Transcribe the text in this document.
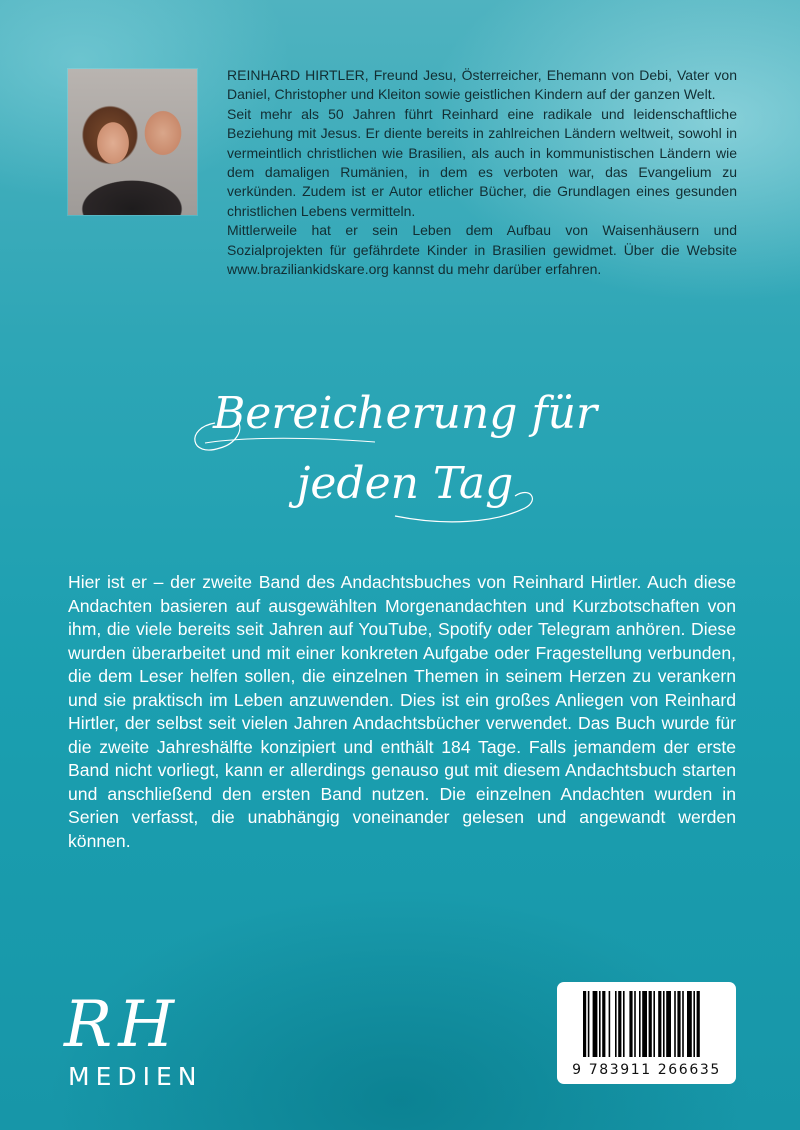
REINHARD HIRTLER, Freund Jesu, Österreicher, Ehemann von Debi, Vater von Daniel, Christopher und Kleiton sowie geistlichen Kindern auf der ganzen Welt.

Seit mehr als 50 Jahren führt Reinhard eine radikale und leidenschaftliche Beziehung mit Jesus. Er diente bereits in zahlreichen Ländern weltweit, sowohl in vermeintlich christlichen wie Brasilien, als auch in kommunistischen Ländern wie dem damaligen Rumänien, in dem es verboten war, das Evangelium zu verkünden. Zudem ist er Autor etlicher Bücher, die Grundlagen eines gesunden christlichen Lebens vermitteln.

Mittlerweile hat er sein Leben dem Aufbau von Waisenhäusern und Sozialprojekten für gefährdete Kinder in Brasilien gewidmet. Über die Website www.braziliankidskare.org kannst du mehr darüber erfahren.

Bereicherung für
jeden Tag
Hier ist er – der zweite Band des Andachtsbuches von Reinhard Hirtler. Auch diese Andachten basieren auf ausgewählten Morgenandachten und Kurzbotschaften von ihm, die viele bereits seit Jahren auf YouTube, Spotify oder Telegram anhören. Diese wurden überarbeitet und mit einer konkreten Aufgabe oder Fragestellung verbunden, die dem Leser helfen sollen, die einzelnen Themen in seinem Herzen zu verankern und sie praktisch im Leben anzuwenden. Dies ist ein großes Anliegen von Reinhard Hirtler, der selbst seit vielen Jahren Andachtsbücher verwendet. Das Buch wurde für die zweite Jahreshälfte konzipiert und enthält 184 Tage. Falls jemandem der erste Band nicht vorliegt, kann er allerdings genauso gut mit diesem Andachtsbuch starten und anschließend den ersten Band nutzen. Die einzelnen Andachten wurden in Serien verfasst, die unabhängig voneinander gelesen und angewandt werden können.
RH
MEDIEN	9 783911 266635
